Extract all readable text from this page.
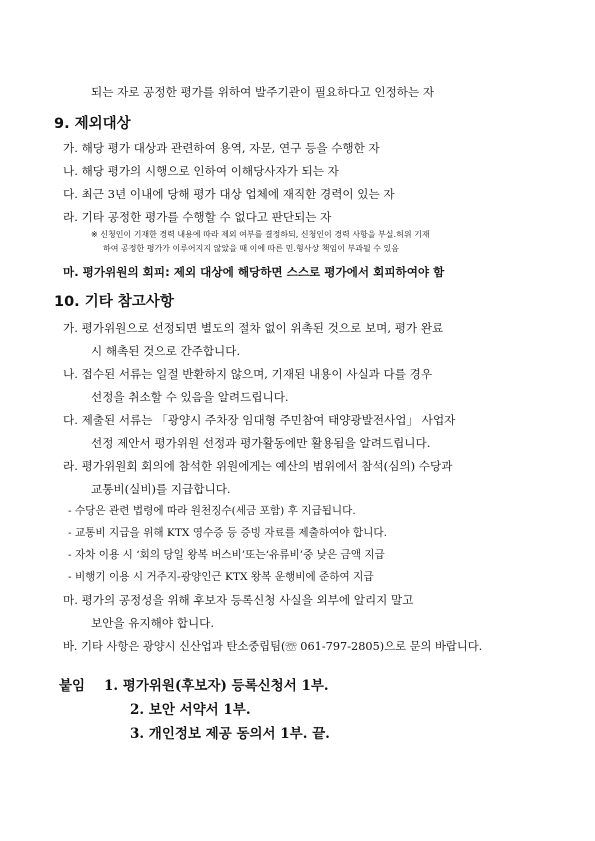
되는 자로 공정한 평가를 위하여 발주기관이 필요하다고 인정하는 자
9. 제외대상
가. 해당 평가 대상과 관련하여 용역, 자문, 연구 등을 수행한 자
나. 해당 평가의 시행으로 인하여 이해당사자가 되는 자
다. 최근 3년 이내에 당해 평가 대상 업체에 재직한 경력이 있는 자
라. 기타 공정한 평가를 수행할 수 없다고 판단되는 자
※ 신청인이 기재한 경력 내용에 따라 제외 여부를 결정하되, 신청인이 경력 사항을 부실․허위 기재
하여 공정한 평가가 이루어지지 않았을 때 이에 따른 민․형사상 책임이 부과될 수 있음
마. 평가위원의 회피: 제외 대상에 해당하면 스스로 평가에서 회피하여야 함
10. 기타 참고사항
가. 평가위원으로 선정되면 별도의 절차 없이 위촉된 것으로 보며, 평가 완료
시 해촉된 것으로 간주합니다.
나. 접수된 서류는 일절 반환하지 않으며, 기재된 내용이 사실과 다를 경우
선정을 취소할 수 있음을 알려드립니다.
다. 제출된 서류는 「광양시 주차장 임대형 주민참여 태양광발전사업」 사업자
선정 제안서 평가위원 선정과 평가활동에만 활용됨을 알려드립니다.
라. 평가위원회 회의에 참석한 위원에게는 예산의 범위에서 참석(심의) 수당과
교통비(실비)를 지급합니다.
- 수당은 관련 법령에 따라 원천징수(세금 포함) 후 지급됩니다.
- 교통비 지급을 위해 KTX 영수증 등 증빙 자료를 제출하여야 합니다.
- 자차 이용 시 ‘회의 당일 왕복 버스비’또는‘유류비’중 낮은 금액 지급
- 비행기 이용 시 거주지-광양인근 KTX 왕복 운행비에 준하여 지급
마. 평가의 공정성을 위해 후보자 등록신청 사실을 외부에 알리지 말고
보안을 유지해야 합니다.
바. 기타 사항은 광양시 신산업과 탄소중립팀(☏ 061-797-2805)으로 문의 바랍니다.
붙임 1. 평가위원(후보자) 등록신청서 1부.
2. 보안 서약서 1부.
3. 개인정보 제공 동의서 1부. 끝.
